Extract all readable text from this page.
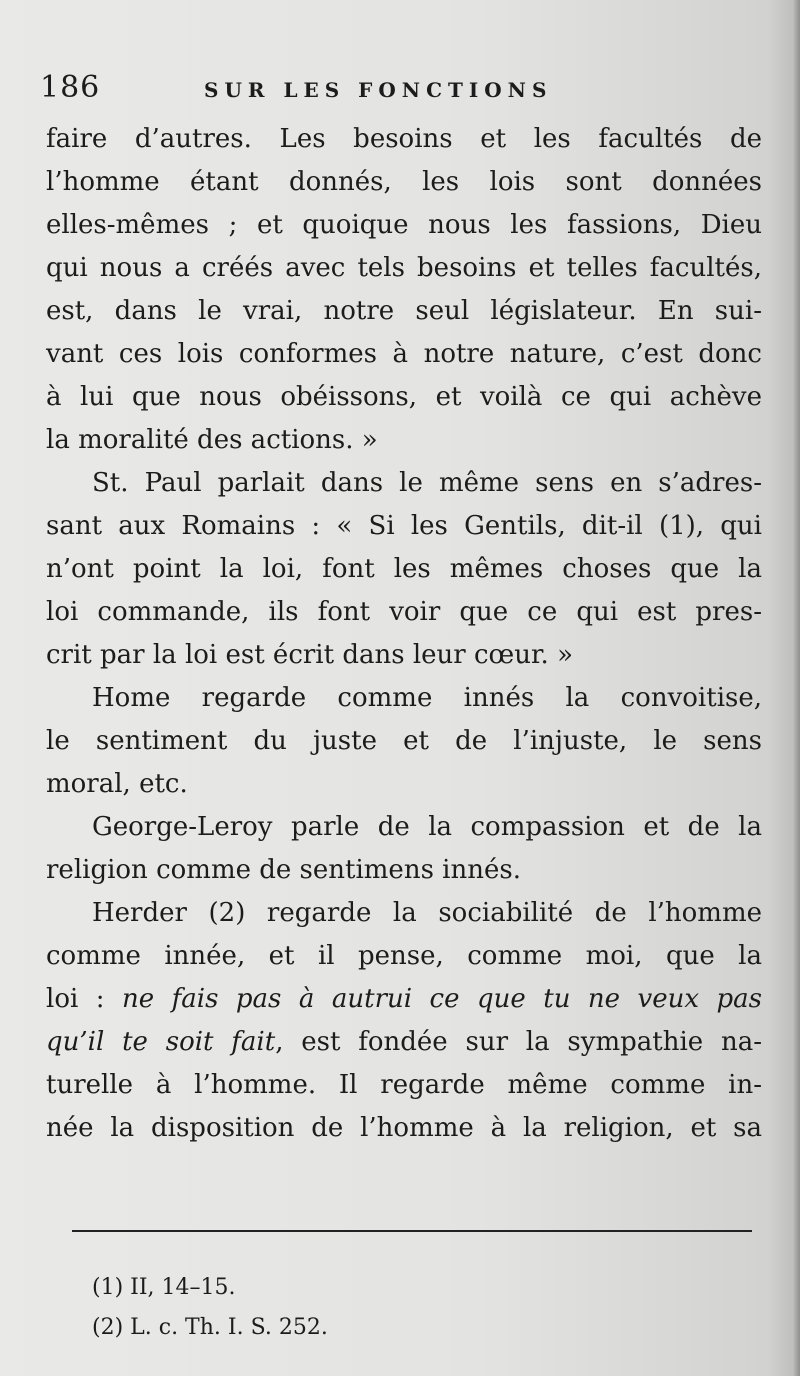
186	SUR LES FONCTIONS
faire d’autres. Les besoins et les facultés de
l’homme étant donnés, les lois sont données
elles-mêmes ; et quoique nous les fassions, Dieu
qui nous a créés avec tels besoins et telles facultés,
est, dans le vrai, notre seul législateur. En sui-
vant ces lois conformes à notre nature, c’est donc
à lui que nous obéissons, et voilà ce qui achève
la moralité des actions. »
St. Paul parlait dans le même sens en s’adres-
sant aux Romains : « Si les Gentils, dit-il (1), qui
n’ont point la loi, font les mêmes choses que la
loi commande, ils font voir que ce qui est pres-
crit par la loi est écrit dans leur cœur. »
Home regarde comme innés la convoitise,
le sentiment du juste et de l’injuste, le sens
moral, etc.
George-Leroy parle de la compassion et de la
religion comme de sentimens innés.
Herder (2) regarde la sociabilité de l’homme
comme innée, et il pense, comme moi, que la
loi : ne fais pas à autrui ce que tu ne veux pas
qu’il te soit fait, est fondée sur la sympathie na-
turelle à l’homme. Il regarde même comme in-
née la disposition de l’homme à la religion, et sa
(1) II, 14–15.
(2) L. c. Th. I. S. 252.
